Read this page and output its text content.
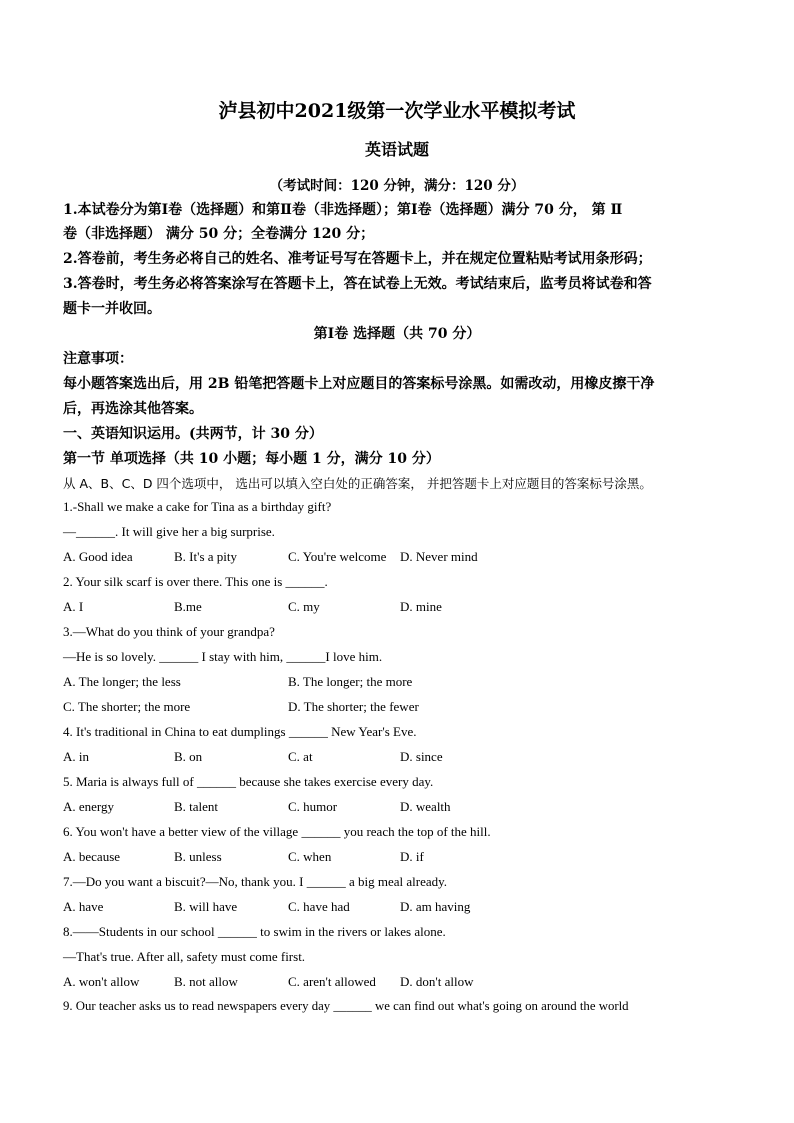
泸县初中2021级第一次学业水平模拟考试
英语试题
（考试时间：120 分钟，满分：120 分）
1.本试卷分为第Ⅰ卷（选择题）和第Ⅱ卷（非选择题）；第Ⅰ卷（选择题）满分 70 分， 第 Ⅱ
卷（非选择题） 满分 50 分；全卷满分 120 分；
2.答卷前，考生务必将自己的姓名、准考证号写在答题卡上，并在规定位置粘贴考试用条形码；
3.答卷时，考生务必将答案涂写在答题卡上，答在试卷上无效。考试结束后，监考员将试卷和答
题卡一并收回。
第Ⅰ卷 选择题（共 70 分）
注意事项：
每小题答案选出后，用 2B 铅笔把答题卡上对应题目的答案标号涂黑。如需改动，用橡皮擦干净
后，再选涂其他答案。
一、英语知识运用。(共两节，计 30 分）
第一节 单项选择（共 10 小题；每小题 1 分，满分 10 分）
从 A、B、C、D 四个选项中， 选出可以填入空白处的正确答案， 并把答题卡上对应题目的答案标号涂黑。
1.-Shall we make a cake for Tina as a birthday gift?
—______. It will give her a big surprise.
A. Good idea	B. It's a pity	C. You're welcome D. Never mind
2. Your silk scarf is over there. This one is ______.
A. I	B.me	C. my	D. mine
3.—What do you think of your grandpa?
—He is so lovely. ______ I stay with him, ______I love him.
A. The longer; the less	B. The longer; the more
C. The shorter; the more	D. The shorter; the fewer
4. It's traditional in China to eat dumplings ______ New Year's Eve.
A. in	B. on	C. at	D. since
5. Maria is always full of ______ because she takes exercise every day.
A. energy	B. talent	C. humor	D. wealth
6. You won't have a better view of the village ______ you reach the top of the hill.
A. because	B. unless	C. when	D. if
7.—Do you want a biscuit?—No, thank you. I ______ a big meal already.
A. have	B. will have	C. have had	D. am having
8.——Students in our school ______ to swim in the rivers or lakes alone.
—That's true. After all, safety must come first.
A. won't allow	B. not allow	C. aren't allowed D. don't allow
9. Our teacher asks us to read newspapers every day ______ we can find out what's going on around the world
